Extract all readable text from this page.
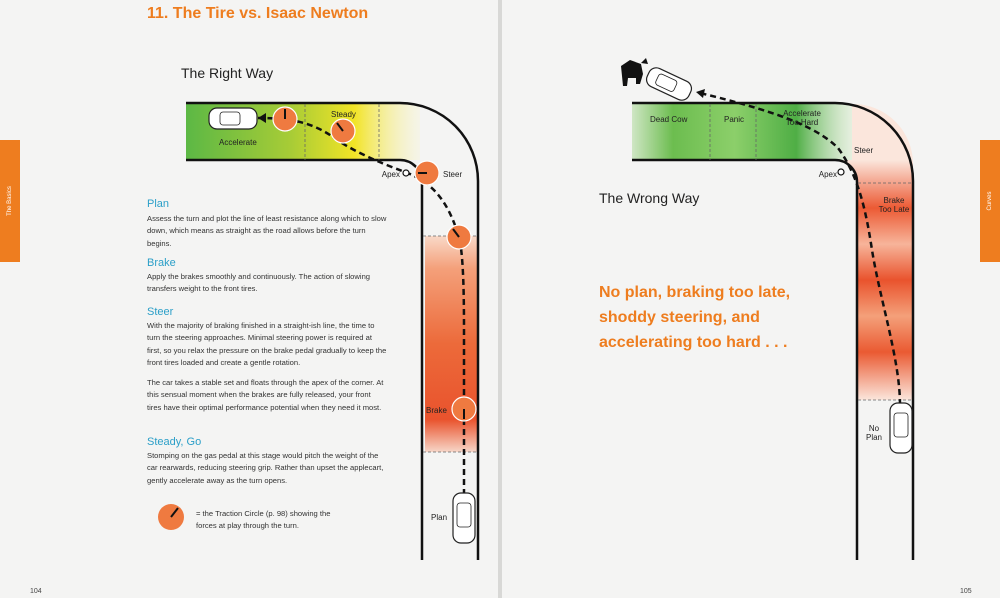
The Basics
11. The Tire vs. Isaac Newton
The Right Way
Accelerate
Steady
Apex	Steer
Brake
Plan
Plan
Assess the turn and plot the line of least resistance along which to slow down, which means as straight as the road allows before the turn begins.
Brake
Apply the brakes smoothly and continuously. The action of slowing transfers weight to the front tires.
Steer
With the majority of braking finished in a straight-ish line, the time to turn the steering approaches. Minimal steering power is required at first, so you relax the pressure on the brake pedal gradually to keep the front tires loaded and create a gentle rotation.
The car takes a stable set and floats through the apex of the corner. At this sensual moment when the brakes are fully released, your front tires have their optimal performance potential when they need it most.
Steady, Go
Stomping on the gas pedal at this stage would pitch the weight of the car rearwards, reducing steering grip. Rather than upset the applecart, gently accelerate away as the turn opens.
= the Traction Circle (p. 98) showing the forces at play through the turn.
104
Curves
The Wrong Way
No plan, braking too late,
shoddy steering, and
accelerating too hard . . .
105
Dead Cow	Panic
Accelerate Too Hard
Steer
Apex
Brake Too Late
No Plan
